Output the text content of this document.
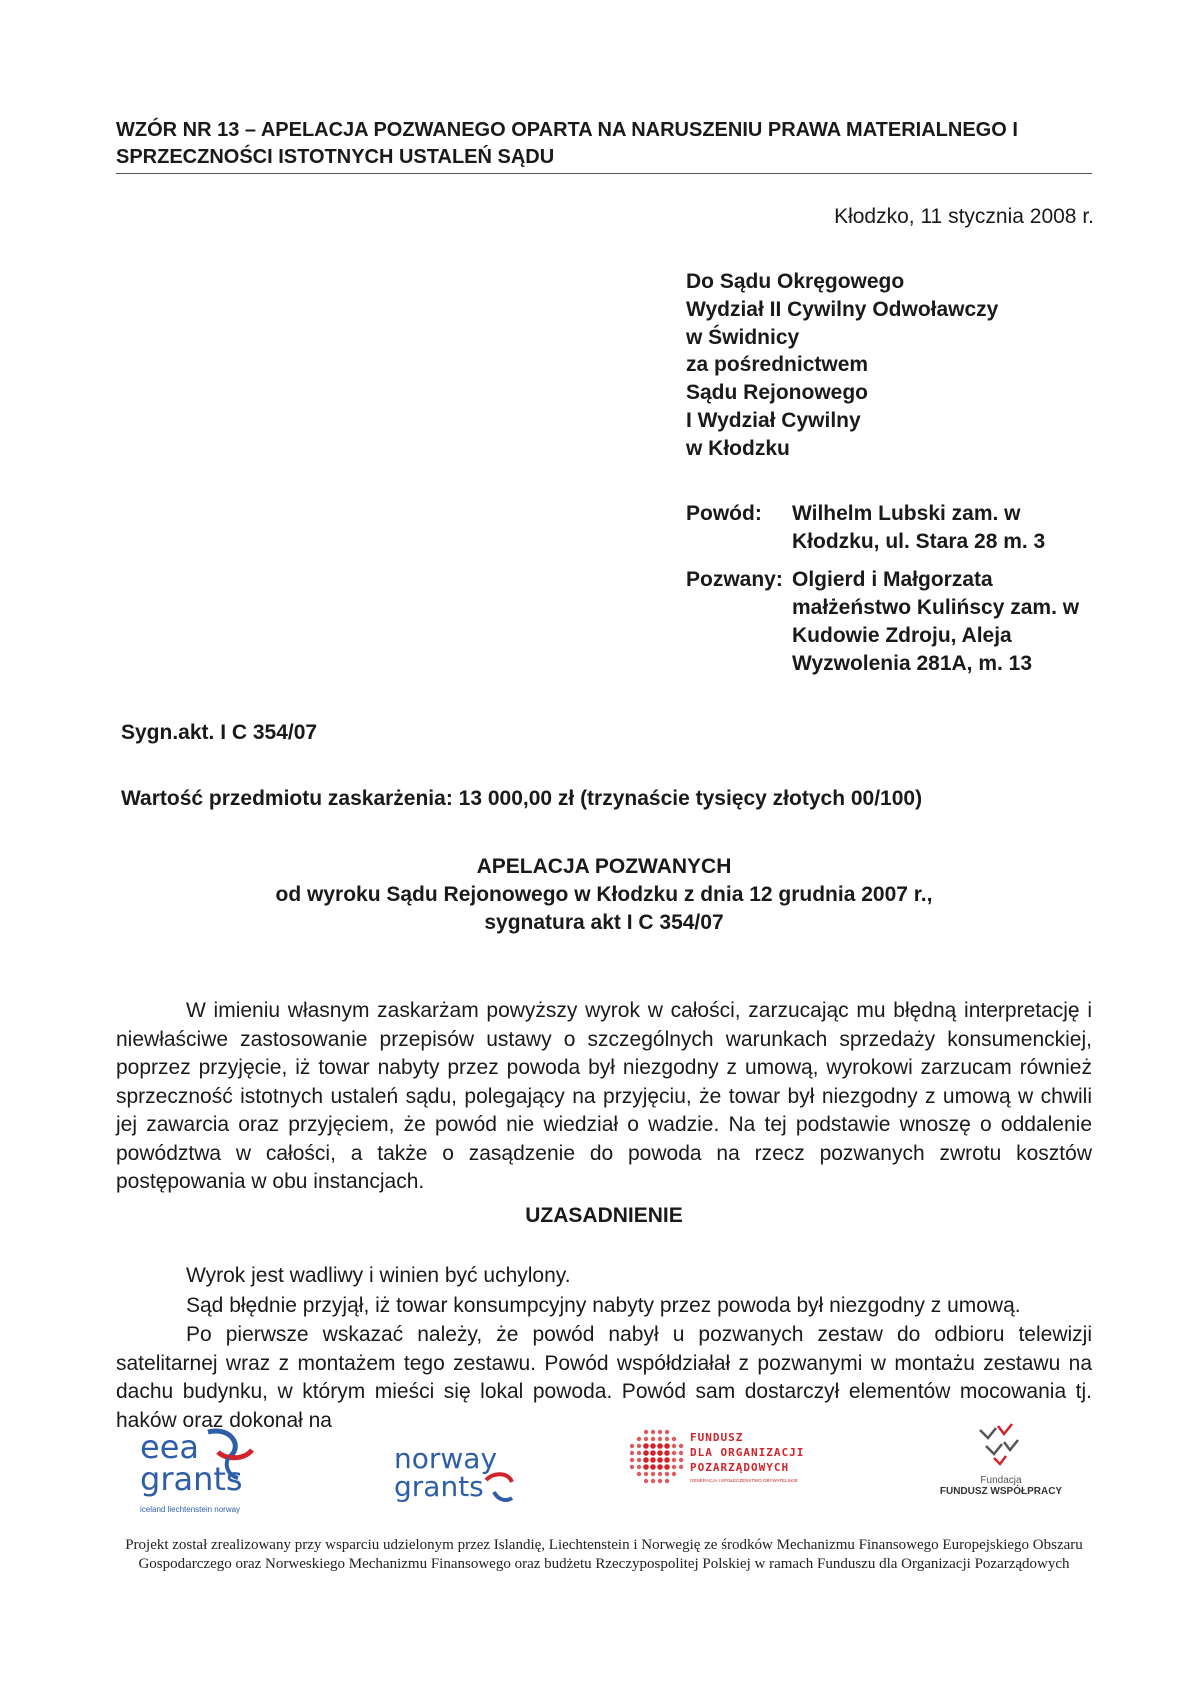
WZÓR NR 13 – APELACJA POZWANEGO OPARTA NA NARUSZENIU PRAWA MATERIALNEGO I SPRZECZNOŚCI ISTOTNYCH USTALEŃ SĄDU
Kłodzko, 11 stycznia 2008 r.
Do Sądu Okręgowego
Wydział II Cywilny Odwoławczy
w Świdnicy
za pośrednictwem
Sądu Rejonowego
I Wydział Cywilny
w Kłodzku
Powód:	Wilhelm Lubski zam. w Kłodzku, ul. Stara 28 m. 3
Pozwany: Olgierd i Małgorzata małżeństwo Kulińscy zam. w Kudowie Zdroju, Aleja Wyzwolenia 281A, m. 13
Sygn.akt. I C 354/07
Wartość przedmiotu zaskarżenia: 13 000,00 zł (trzynaście tysięcy złotych 00/100)
APELACJA POZWANYCH
od wyroku Sądu Rejonowego w Kłodzku z dnia 12 grudnia 2007 r.,
sygnatura akt I C 354/07
W imieniu własnym zaskarżam powyższy wyrok w całości, zarzucając mu błędną interpretację i niewłaściwe zastosowanie przepisów ustawy o szczególnych warunkach sprzedaży konsumenckiej, poprzez przyjęcie, iż towar nabyty przez powoda był niezgodny z umową, wyrokowi zarzucam również sprzeczność istotnych ustaleń sądu, polegający na przyjęciu, że towar był niezgodny z umową w chwili jej zawarcia oraz przyjęciem, że powód nie wiedział o wadzie. Na tej podstawie wnoszę o oddalenie powództwa w całości, a także o zasądzenie do powoda na rzecz pozwanych zwrotu kosztów postępowania w obu instancjach.
UZASADNIENIE
Wyrok jest wadliwy i winien być uchylony.
Sąd błędnie przyjął, iż towar konsumpcyjny nabyty przez powoda był niezgodny z umową.
Po pierwsze wskazać należy, że powód nabył u pozwanych zestaw do odbioru telewizji satelitarnej wraz z montażem tego zestawu. Powód współdziałał z pozwanymi w montażu zestawu na dachu budynku, w którym mieści się lokal powoda. Powód sam dostarczył elementów mocowania tj. haków oraz dokonał na
eea
grants
iceland liechtenstein norway
norway
grants
FUNDUSZ
DLA ORGANIZACJI
POZARZĄDOWYCH
GENERACJA I SPOŁECZEŃSTWO OBYWATELSKIE	Fundacja
FUNDUSZ WSPÓŁPRACY
Projekt został zrealizowany przy wsparciu udzielonym przez Islandię, Liechtenstein i Norwegię ze środków Mechanizmu Finansowego Europejskiego Obszaru Gospodarczego oraz Norweskiego Mechanizmu Finansowego oraz budżetu Rzeczypospolitej Polskiej w ramach Funduszu dla Organizacji Pozarządowych
